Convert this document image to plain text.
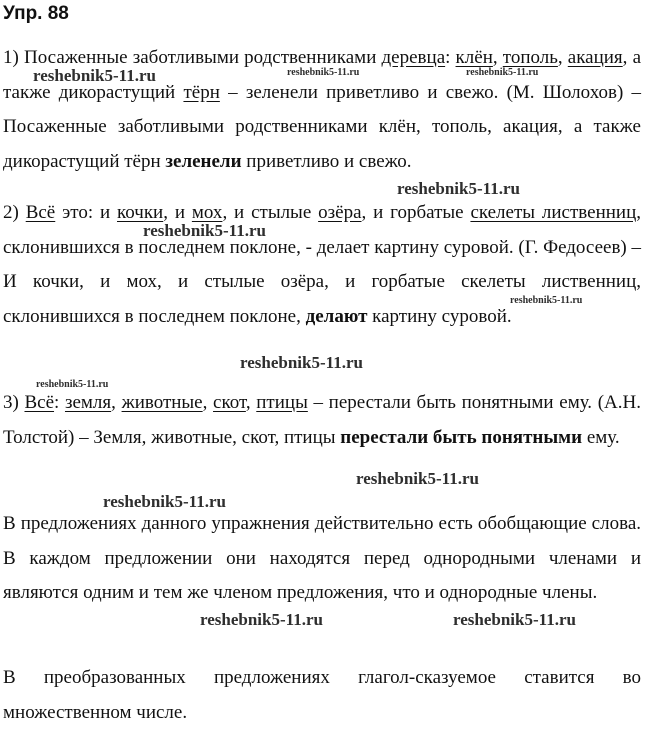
Упр. 88

1) Посаженные заботливыми родственниками деревца: клён, тополь, акация, а также дикорастущий тёрн – зеленели приветливо и свежо. (М. Шолохов) – Посаженные заботливыми родственниками клён, тополь, акация, а также дикорастущий тёрн зеленели приветливо и свежо.

2) Всё это: и кочки, и мох, и стылые озёра, и горбатые скелеты лиственниц, склонившихся в последнем поклоне, - делает картину суровой. (Г. Федосеев) – И кочки, и мох, и стылые озёра, и горбатые скелеты лиственниц, склонившихся в последнем поклоне, делают картину суровой.

3) Всё: земля, животные, скот, птицы – перестали быть понятными ему. (А.Н. Толстой) – Земля, животные, скот, птицы перестали быть понятными ему.

В предложениях данного упражнения действительно есть обобщающие слова. В каждом предложении они находятся перед однородными членами и являются одним и тем же членом предложения, что и однородные члены.

В преобразованных предложениях глагол-сказуемое ставится во множественном числе.

reshebnik5-11.ru	reshebnik5-11.ru	reshebnik5-11.ru
reshebnik5-11.ru
reshebnik5-11.ru
reshebnik5-11.ru
reshebnik5-11.ru
reshebnik5-11.ru
reshebnik5-11.ru
reshebnik5-11.ru
reshebnik5-11.ru	reshebnik5-11.ru
